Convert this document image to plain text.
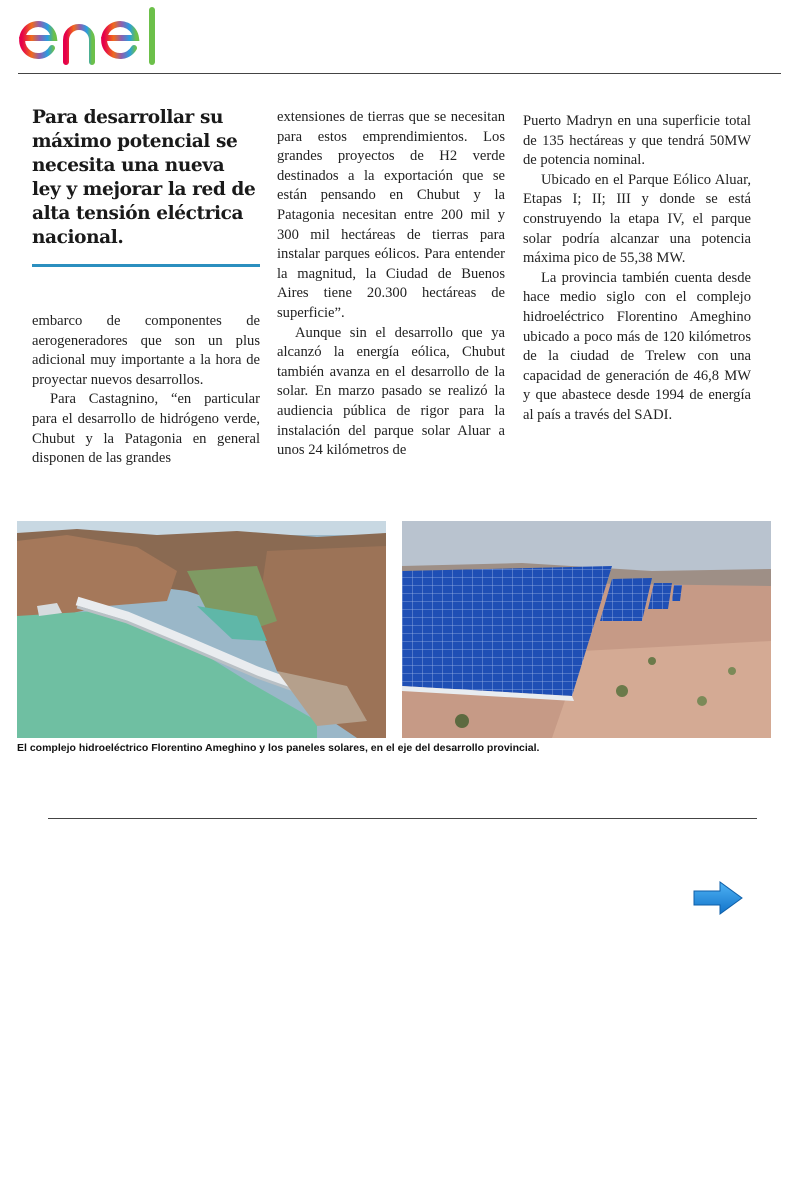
Para desarrollar su máximo potencial se necesita una nueva ley y mejorar la red de alta tensión eléctrica nacional.

embarco de componentes de aerogeneradores que son un plus adicional muy importante a la hora de proyectar nuevos desarrollos.

Para Castagnino, “en particular para el desarrollo de hidrógeno verde, Chubut y la Patagonia en general disponen de las grandes

extensiones de tierras que se necesitan para estos emprendimientos. Los grandes proyectos de H2 verde destinados a la exportación que se están pensando en Chubut y la Patagonia necesitan entre 200 mil y 300 mil hectáreas de tierras para instalar parques eólicos. Para entender la magnitud, la Ciudad de Buenos Aires tiene 20.300 hectáreas de superficie”.

Aunque sin el desarrollo que ya alcanzó la energía eólica, Chubut también avanza en el desarrollo de la solar. En marzo pasado se realizó la audiencia pública de rigor para la instalación del parque solar Aluar a unos 24 kilómetros de

Puerto Madryn en una superficie total de 135 hectáreas y que tendrá 50MW de potencia nominal.

Ubicado en el Parque Eólico Aluar, Etapas I; II; III y donde se está construyendo la etapa IV, el parque solar podría alcanzar una potencia máxima pico de 55,38 MW.

La provincia también cuenta desde hace medio siglo con el complejo hidroeléctrico Florentino Ameghino ubicado a poco más de 120 kilómetros de la ciudad de Trelew con una capacidad de generación de 46,8 MW y que abastece desde 1994 de energía al país a través del SADI.

El complejo hidroeléctrico Florentino Ameghino y los paneles solares, en el eje del desarrollo provincial.
